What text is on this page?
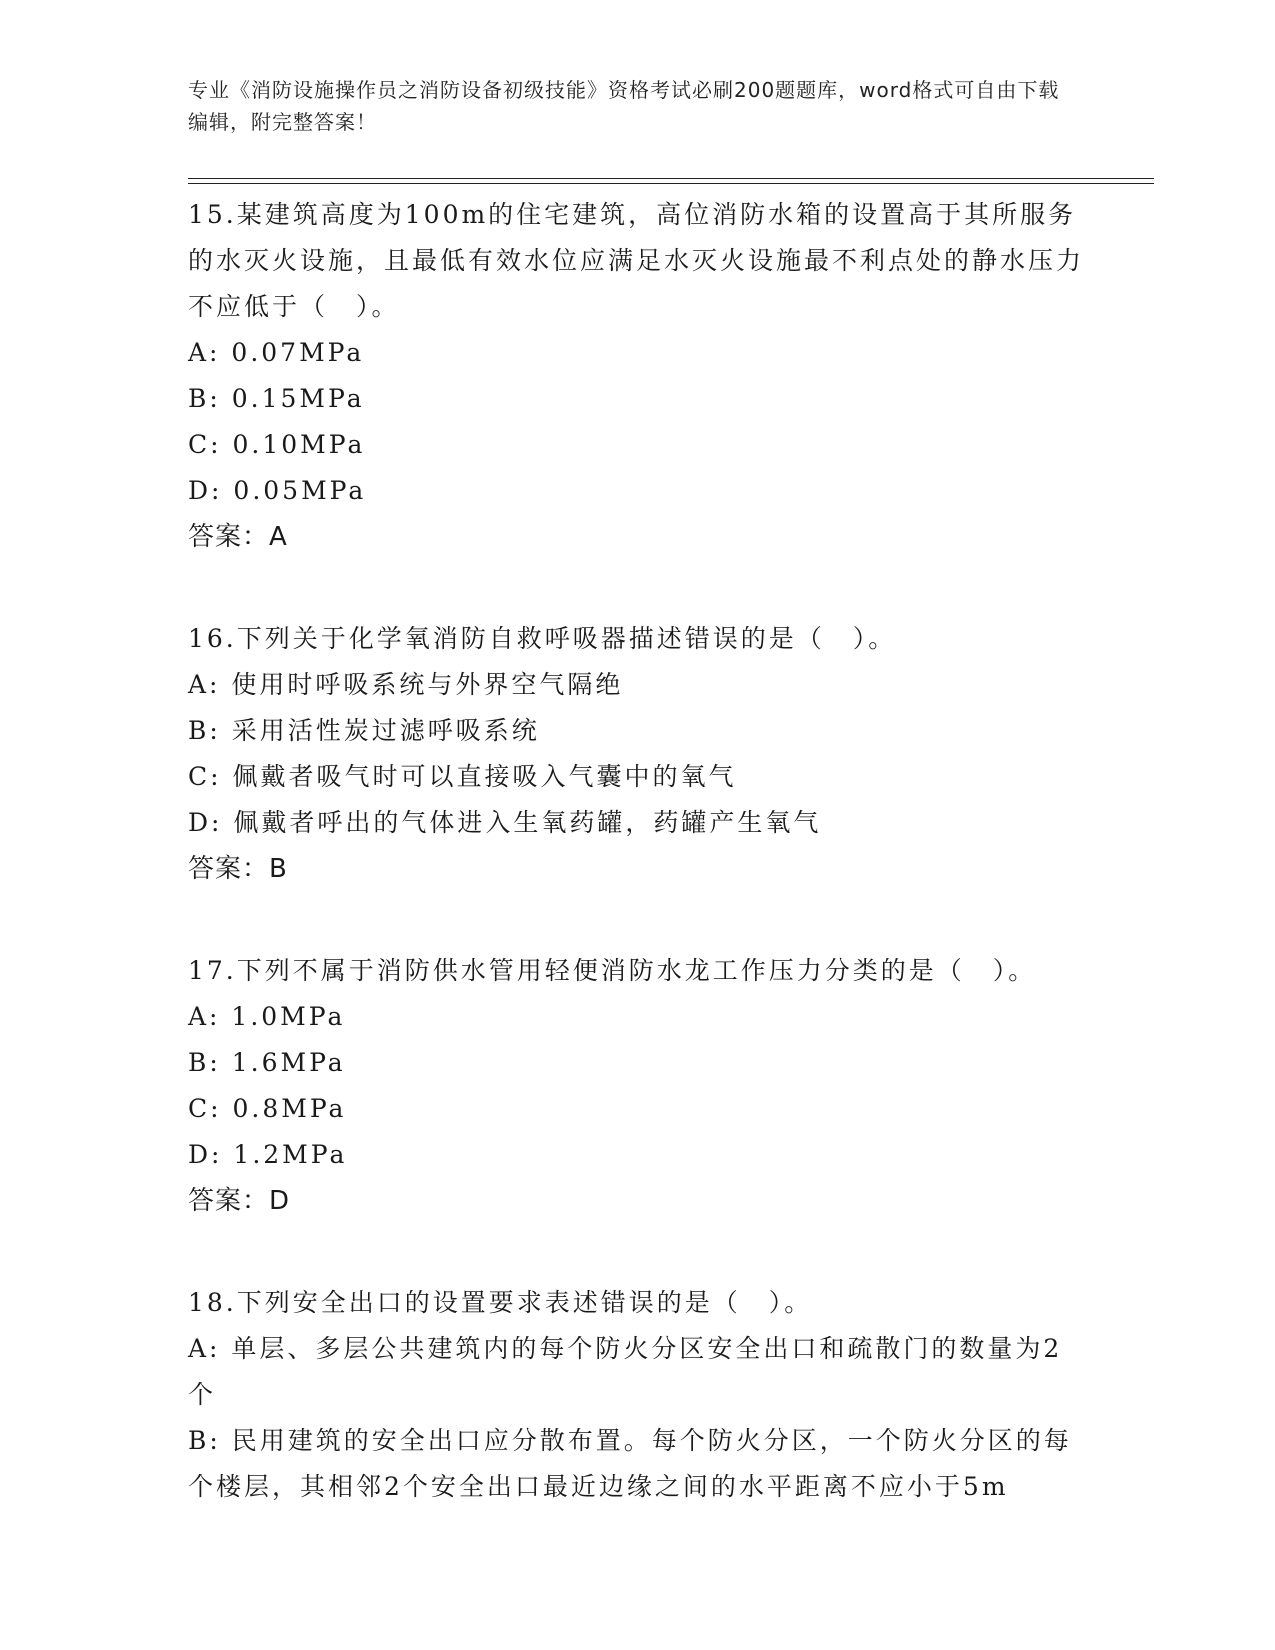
专业《消防设施操作员之消防设备初级技能》资格考试必刷200题题库，word格式可自由下载编辑，附完整答案！

15.某建筑高度为100m的住宅建筑，高位消防水箱的设置高于其所服务的水灭火设施，且最低有效水位应满足水灭火设施最不利点处的静水压力不应低于（　）。

A: 0.07MPa

B: 0.15MPa

C: 0.10MPa

D: 0.05MPa

答案：A

16.下列关于化学氧消防自救呼吸器描述错误的是（　）。

A: 使用时呼吸系统与外界空气隔绝

B: 采用活性炭过滤呼吸系统

C: 佩戴者吸气时可以直接吸入气囊中的氧气

D: 佩戴者呼出的气体进入生氧药罐，药罐产生氧气

答案：B

17.下列不属于消防供水管用轻便消防水龙工作压力分类的是（　）。

A: 1.0MPa

B: 1.6MPa

C: 0.8MPa

D: 1.2MPa

答案：D

18.下列安全出口的设置要求表述错误的是（　）。

A: 单层、多层公共建筑内的每个防火分区安全出口和疏散门的数量为2个

B: 民用建筑的安全出口应分散布置。每个防火分区，一个防火分区的每个楼层，其相邻2个安全出口最近边缘之间的水平距离不应小于5m
